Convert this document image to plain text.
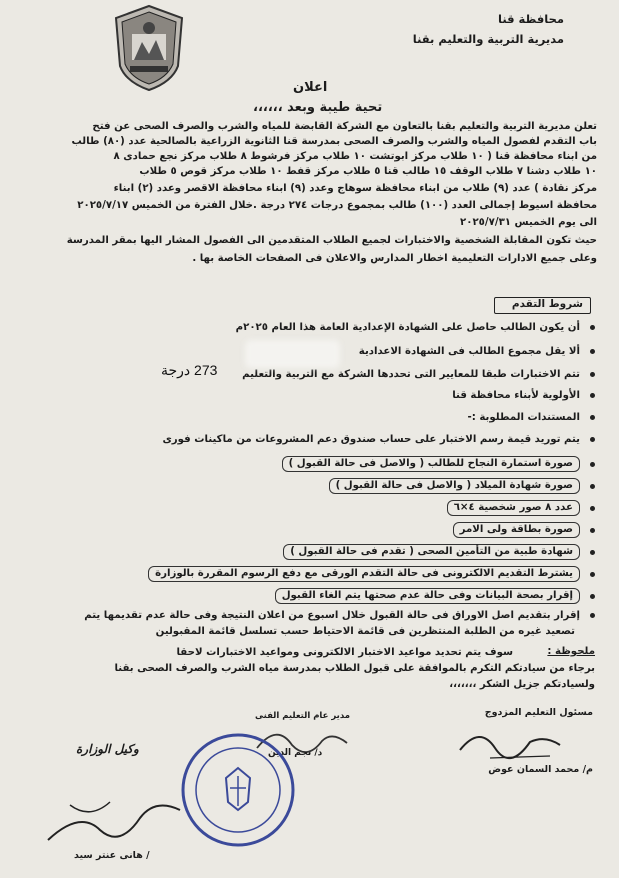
محافظة قنا

مديرية التربية والتعليم بقنا

اعلان

تحية طيبة وبعد ،،،،،،

تعلن مديرية التربية والتعليم بقنا بالتعاون مع الشركة القابضة للمياه والشرب والصرف الصحى عن فتح

باب التقدم لفصول المياه والشرب والصرف الصحى بمدرسة قنا الثانوية الزراعية بالصالحية عدد (٨٠) طالب

من ابناء محافظة قنا ( ١٠ طلاب مركز ابوتشت ١٠ طلاب مركز فرشوط ٨ طلاب مركز نجع حمادى ٨

١٠ طلاب دشنا ٧ طلاب الوقف ١٥ طالب قنا ٥ طلاب مركز قفط ١٠ طلاب مركز قوص ٥ طلاب

مركز نقادة ) عدد (٩) طلاب من ابناء محافظة سوهاج وعدد (٩) ابناء محافظة الاقصر وعدد (٢) ابناء

محافظة اسيوط إجمالى العدد (١٠٠) طالب بمجموع درجات ٢٧٤ درجة .خلال الفترة من الخميس ٢٠٢٥/٧/١٧

الى يوم الخميس ٢٠٢٥/٧/٣١

حيث تكون المقابلة الشخصية والاختبارات لجميع الطلاب المتقدمين الى الفصول المشار اليها بمقر المدرسة

وعلى جميع الادارات التعليمية اخطار المدارس والاعلان فى الصفحات الخاصة بها .

شروط التقدم

أن يكون الطالب حاصل على الشهادة الإعدادية العامة هذا العام ٢٠٢٥م
ألا يقل مجموع الطالب فى الشهادة الاعدادية
تتم الاختبارات طبقا للمعايير التى تحددها الشركة مع التربية والتعليم
الأولوية لأبناء محافظة قنا
المستندات المطلوبة :-
يتم توريد قيمة رسم الاختبار على حساب صندوق دعم المشروعات من ماكينات فورى
صورة استمارة النجاح للطالب ( والاصل فى حالة القبول )
صورة شهادة الميلاد ( والاصل فى حالة القبول )
عدد ٨ صور شخصية ٤×٦
صورة بطاقة ولى الامر
شهادة طبية من التأمين الصحى ( تقدم فى حالة القبول )
يشترط التقديم الالكترونى فى حالة التقدم الورقى مع دفع الرسوم المقررة بالوزارة
إقرار بصحة البيانات وفى حالة عدم صحتها يتم الغاء القبول
إقرار بتقديم اصل الاوراق فى حالة القبول خلال اسبوع من اعلان النتيجة وفى حالة عدم تقديمها يتم

تصعيد غيره من الطلبة المنتظرين فى قائمة الاحتياط حسب تسلسل قائمة المقبولين

273 درجة

ملحوظة :

سوف يتم تحديد مواعيد الاختبار الالكترونى ومواعيد الاختبارات لاحقا

برجاء من سيادتكم التكرم بالموافقة على قبول الطلاب بمدرسة مياه الشرب والصرف الصحى بقنا

ولسيادتكم جزيل الشكر ،،،،،،،

مسئول التعليم المزدوج

م/ محمد السمان عوض

مدير عام التعليم الفنى

د/ نجم الدين

وكيل الوزارة

/ هانى عنتر سيد
